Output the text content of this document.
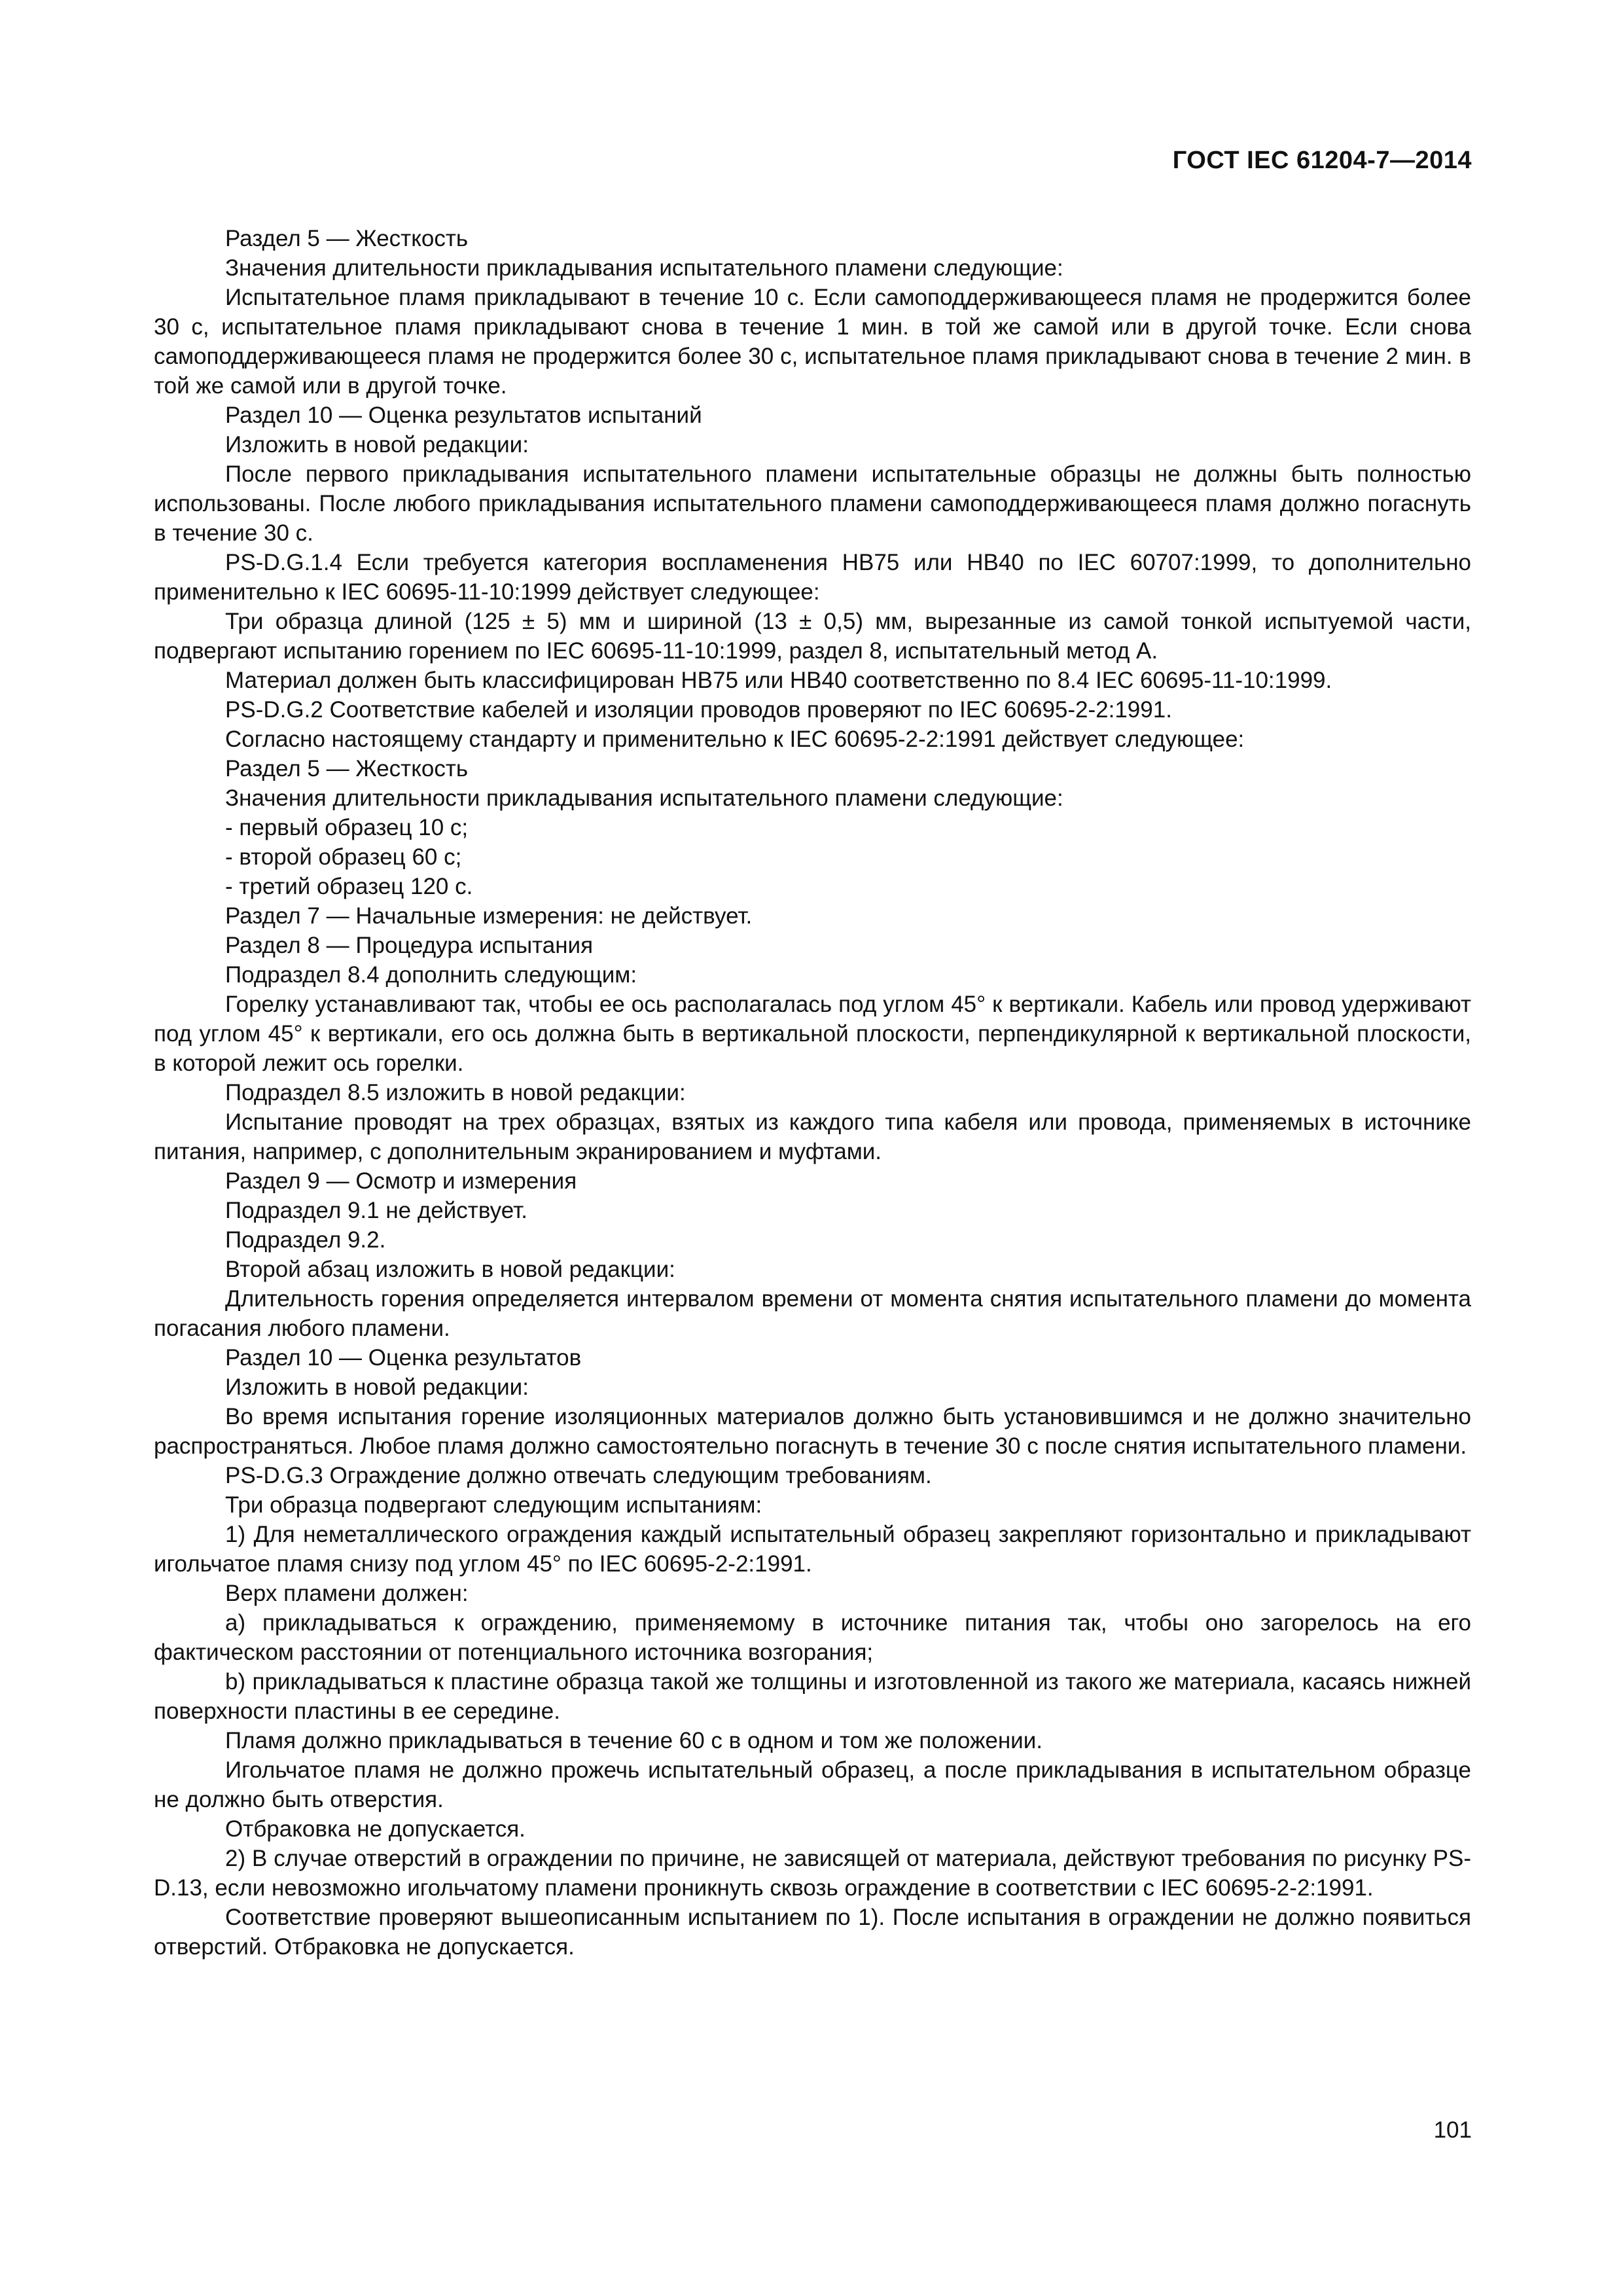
ГОСТ IEC 61204-7—2014

Раздел 5 — Жесткость

Значения длительности прикладывания испытательного пламени следующие:

Испытательное пламя прикладывают в течение 10 с. Если самоподдерживающееся пламя не продержится более 30 с, испытательное пламя прикладывают снова в течение 1 мин. в той же самой или в другой точке. Если снова самоподдерживающееся пламя не продержится более 30 с, испытательное пламя прикладывают снова в течение 2 мин. в той же самой или в другой точке.

Раздел 10 — Оценка результатов испытаний

Изложить в новой редакции:

После первого прикладывания испытательного пламени испытательные образцы не должны быть полностью использованы. После любого прикладывания испытательного пламени самоподдерживающееся пламя должно погаснуть в течение 30 с.

PS-D.G.1.4 Если требуется категория воспламенения НВ75 или НВ40 по IEC 60707:1999, то дополнительно применительно к IEC 60695-11-10:1999 действует следующее:

Три образца длиной (125 ± 5) мм и шириной (13 ± 0,5) мм, вырезанные из самой тонкой испытуемой части, подвергают испытанию горением по IEC 60695-11-10:1999, раздел 8, испытательный метод А.

Материал должен быть классифицирован НВ75 или НВ40 соответственно по 8.4 IEC 60695-11-10:1999.

PS-D.G.2 Соответствие кабелей и изоляции проводов проверяют по IEC 60695-2-2:1991.

Согласно настоящему стандарту и применительно к IEC 60695-2-2:1991 действует следующее:

Раздел 5 — Жесткость

Значения длительности прикладывания испытательного пламени следующие:

- первый образец 10 с;

- второй образец 60 с;

- третий образец 120 с.

Раздел 7 — Начальные измерения: не действует.

Раздел 8 — Процедура испытания

Подраздел 8.4 дополнить следующим:

Горелку устанавливают так, чтобы ее ось располагалась под углом 45° к вертикали. Кабель или провод удерживают под углом 45° к вертикали, его ось должна быть в вертикальной плоскости, перпендикулярной к вертикальной плоскости, в которой лежит ось горелки.

Подраздел 8.5 изложить в новой редакции:

Испытание проводят на трех образцах, взятых из каждого типа кабеля или провода, применяемых в источнике питания, например, с дополнительным экранированием и муфтами.

Раздел 9 — Осмотр и измерения

Подраздел 9.1 не действует.

Подраздел 9.2.

Второй абзац изложить в новой редакции:

Длительность горения определяется интервалом времени от момента снятия испытательного пламени до момента погасания любого пламени.

Раздел 10 — Оценка результатов

Изложить в новой редакции:

Во время испытания горение изоляционных материалов должно быть установившимся и не должно значительно распространяться. Любое пламя должно самостоятельно погаснуть в течение 30 с после снятия испытательного пламени.

PS-D.G.3 Ограждение должно отвечать следующим требованиям.

Три образца подвергают следующим испытаниям:

1) Для неметаллического ограждения каждый испытательный образец закрепляют горизонтально и прикладывают игольчатое пламя снизу под углом 45° по IEC 60695-2-2:1991.

Верх пламени должен:

a) прикладываться к ограждению, применяемому в источнике питания так, чтобы оно загорелось на его фактическом расстоянии от потенциального источника возгорания;

b) прикладываться к пластине образца такой же толщины и изготовленной из такого же материала, касаясь нижней поверхности пластины в ее середине.

Пламя должно прикладываться в течение 60 с в одном и том же положении.

Игольчатое пламя не должно прожечь испытательный образец, а после прикладывания в испытательном образце не должно быть отверстия.

Отбраковка не допускается.

2) В случае отверстий в ограждении по причине, не зависящей от материала, действуют требования по рисунку PS-D.13, если невозможно игольчатому пламени проникнуть сквозь ограждение в соответствии с IEC 60695-2-2:1991.

Соответствие проверяют вышеописанным испытанием по 1). После испытания в ограждении не должно появиться отверстий. Отбраковка не допускается.

101
